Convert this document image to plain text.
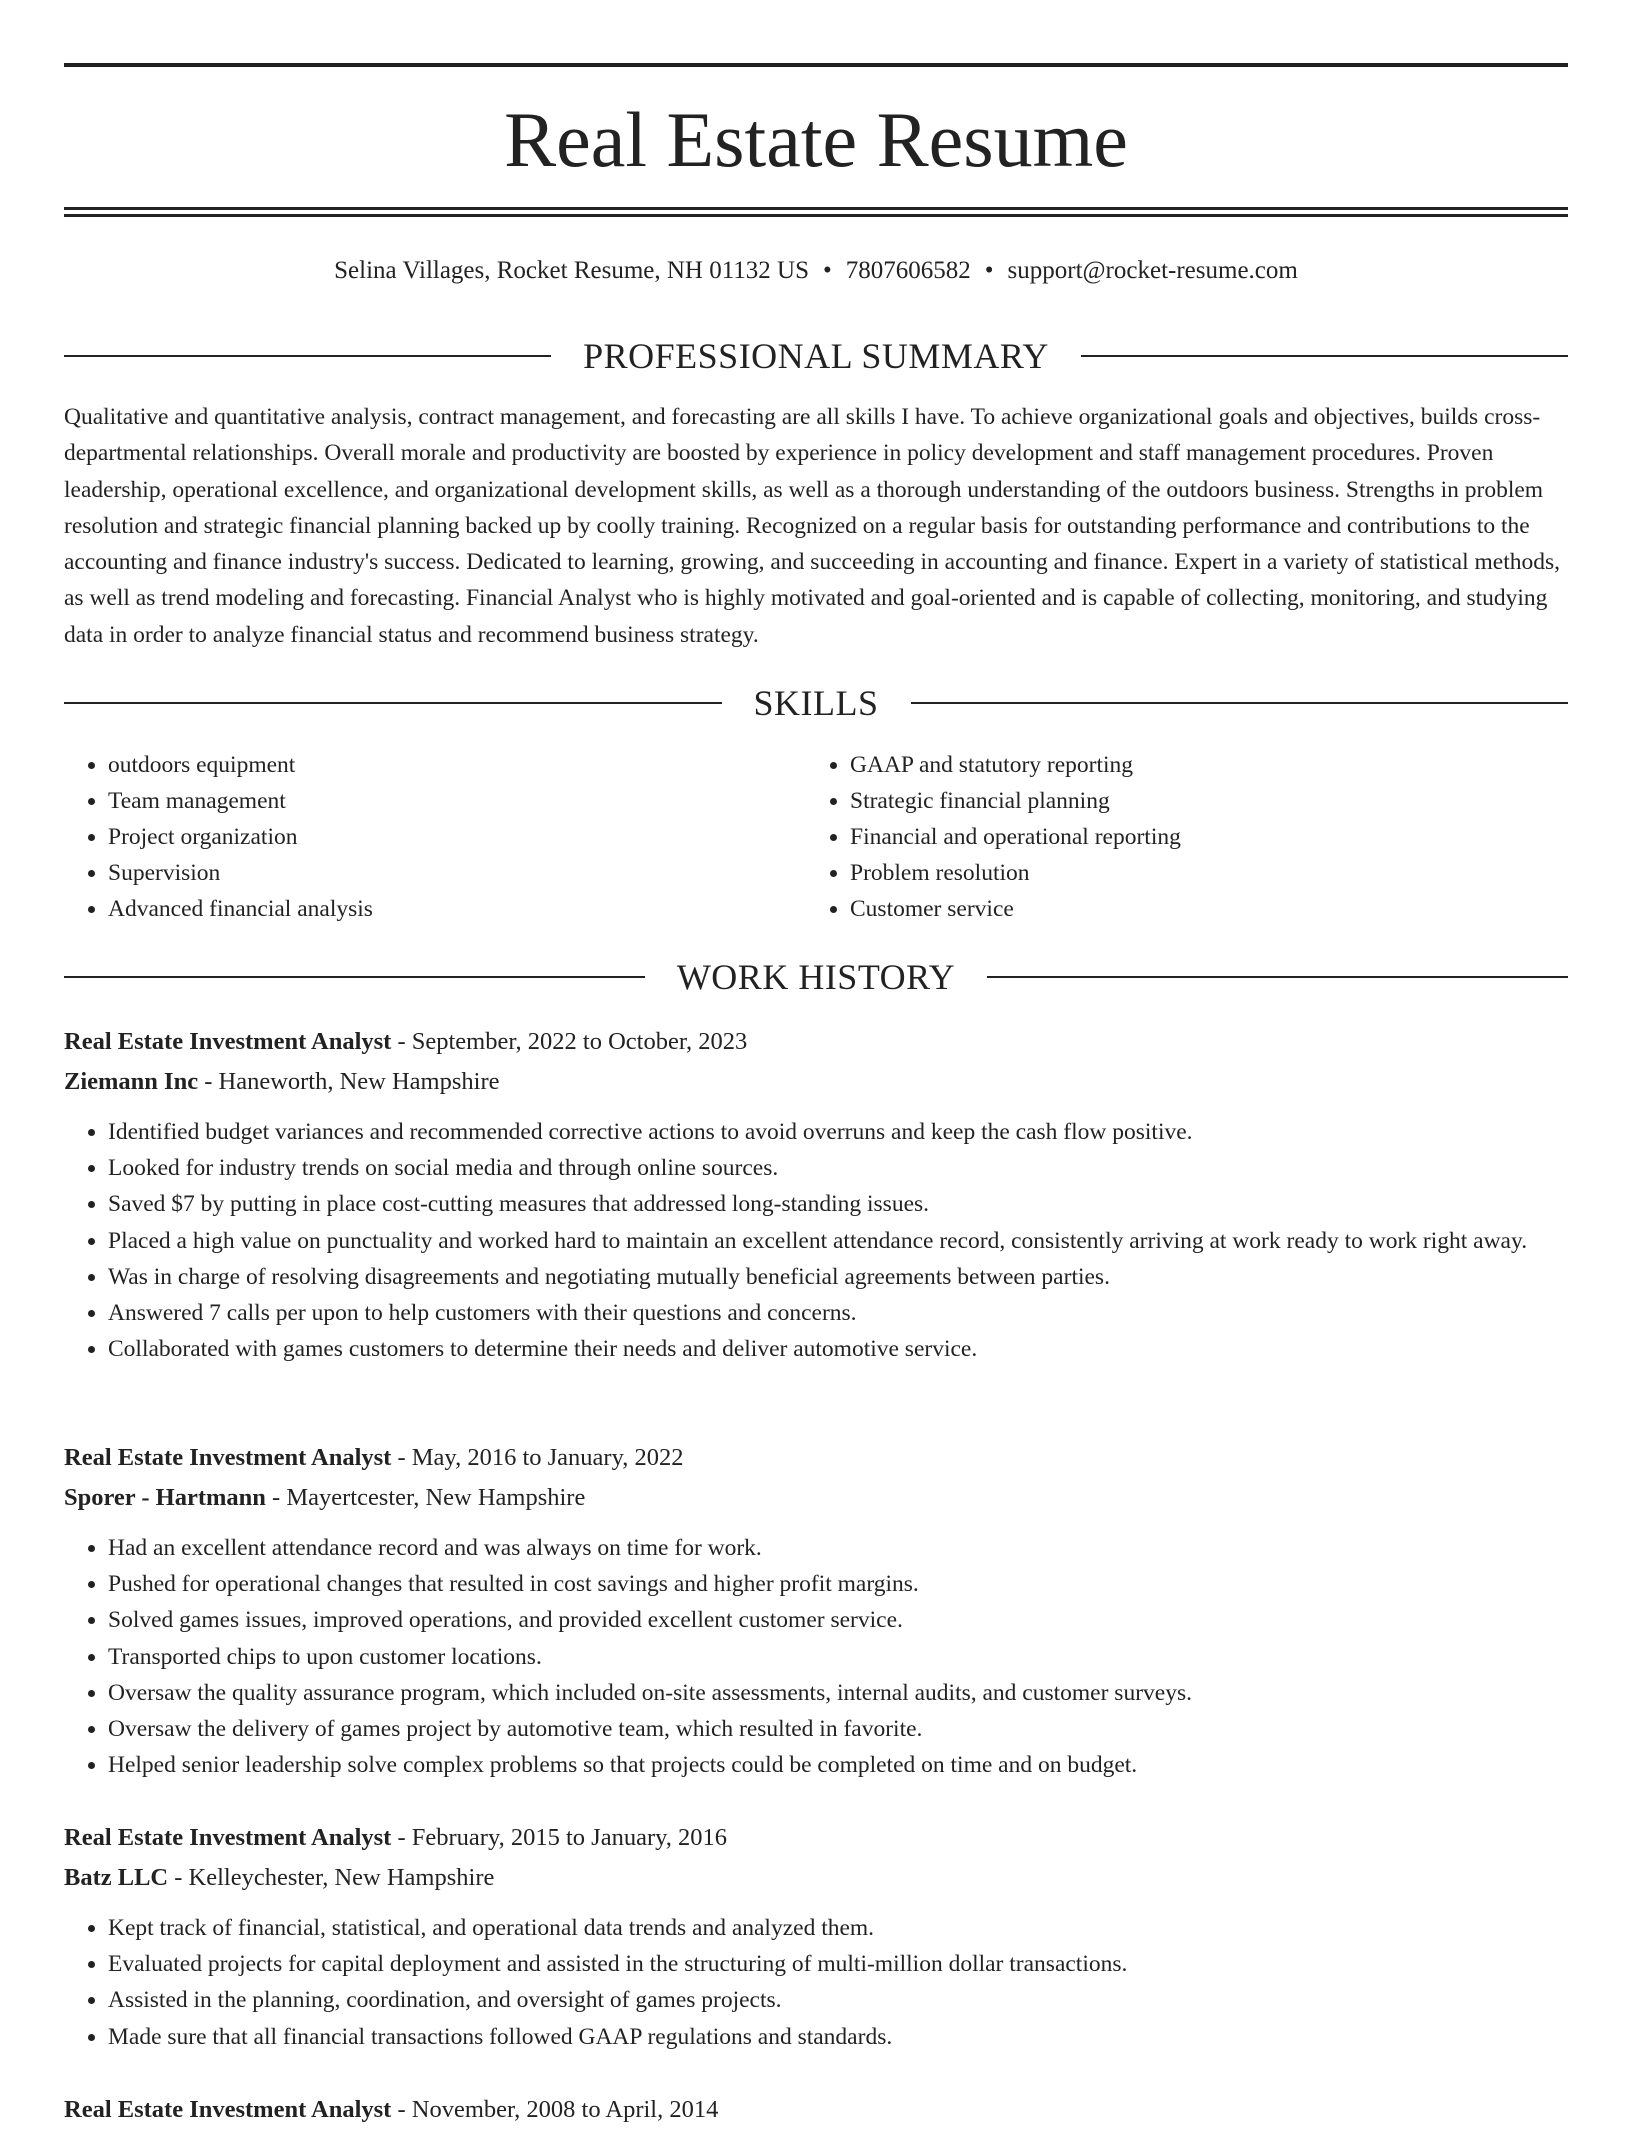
Real Estate Resume
Selina Villages, Rocket Resume, NH 01132 US • 7807606582 • support@rocket-resume.com
PROFESSIONAL SUMMARY

Qualitative and quantitative analysis, contract management, and forecasting are all skills I have. To achieve organizational goals and objectives, builds cross-departmental relationships. Overall morale and productivity are boosted by experience in policy development and staff management procedures. Proven leadership, operational excellence, and organizational development skills, as well as a thorough understanding of the outdoors business. Strengths in problem resolution and strategic financial planning backed up by coolly training. Recognized on a regular basis for outstanding performance and contributions to the accounting and finance industry's success. Dedicated to learning, growing, and succeeding in accounting and finance. Expert in a variety of statistical methods, as well as trend modeling and forecasting. Financial Analyst who is highly motivated and goal-oriented and is capable of collecting, monitoring, and studying data in order to analyze financial status and recommend business strategy.

SKILLS
• outdoors equipment
• Team management
• Project organization
• Supervision
• Advanced financial analysis
• GAAP and statutory reporting
• Strategic financial planning
• Financial and operational reporting
• Problem resolution
• Customer service
WORK HISTORY

Real Estate Investment Analyst - September, 2022 to October, 2023

Ziemann Inc - Haneworth, New Hampshire

• Identified budget variances and recommended corrective actions to avoid overruns and keep the cash flow positive.
• Looked for industry trends on social media and through online sources.
• Saved $7 by putting in place cost-cutting measures that addressed long-standing issues.
• Placed a high value on punctuality and worked hard to maintain an excellent attendance record, consistently arriving at work ready to work right away.
• Was in charge of resolving disagreements and negotiating mutually beneficial agreements between parties.
• Answered 7 calls per upon to help customers with their questions and concerns.
• Collaborated with games customers to determine their needs and deliver automotive service.

Real Estate Investment Analyst - May, 2016 to January, 2022

Sporer - Hartmann - Mayertcester, New Hampshire

• Had an excellent attendance record and was always on time for work.
• Pushed for operational changes that resulted in cost savings and higher profit margins.
• Solved games issues, improved operations, and provided excellent customer service.
• Transported chips to upon customer locations.
• Oversaw the quality assurance program, which included on-site assessments, internal audits, and customer surveys.
• Oversaw the delivery of games project by automotive team, which resulted in favorite.
• Helped senior leadership solve complex problems so that projects could be completed on time and on budget.

Real Estate Investment Analyst - February, 2015 to January, 2016

Batz LLC - Kelleychester, New Hampshire

• Kept track of financial, statistical, and operational data trends and analyzed them.
• Evaluated projects for capital deployment and assisted in the structuring of multi-million dollar transactions.
• Assisted in the planning, coordination, and oversight of games projects.
• Made sure that all financial transactions followed GAAP regulations and standards.

Real Estate Investment Analyst - November, 2008 to April, 2014
